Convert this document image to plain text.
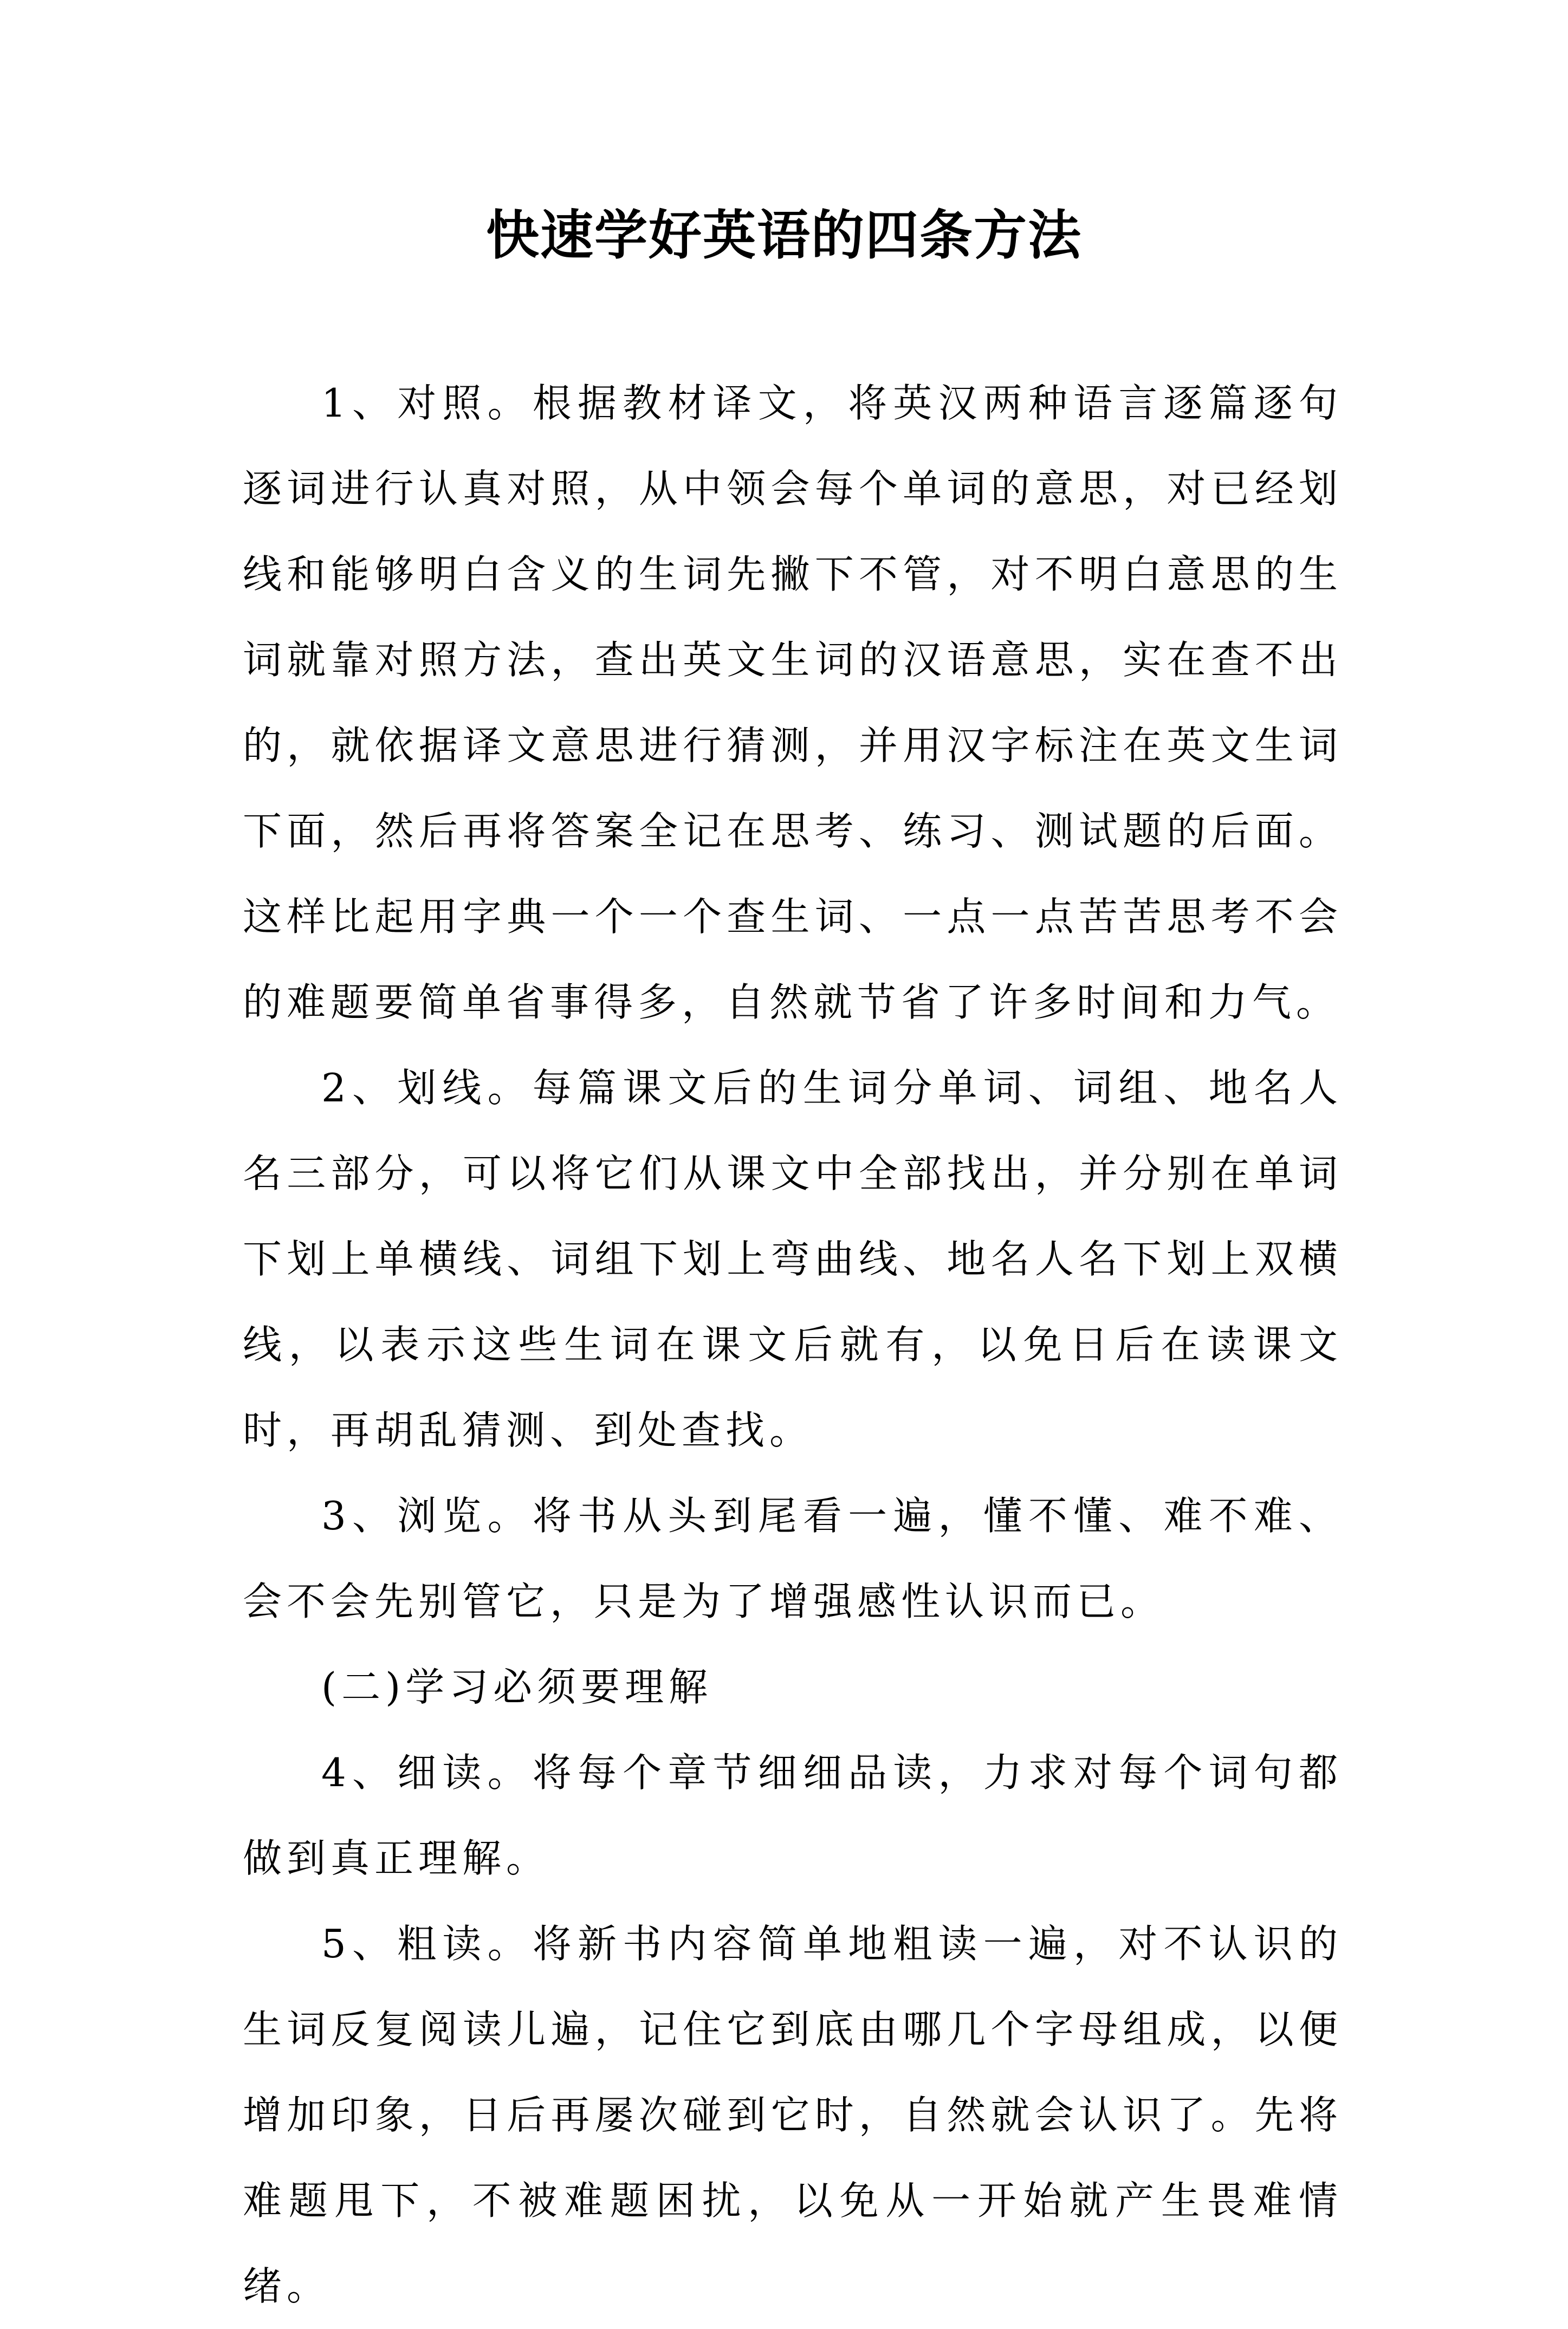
快速学好英语的四条方法

1、对照。根据教材译文，将英汉两种语言逐篇逐句逐词进行认真对照，从中领会每个单词的意思，对已经划线和能够明白含义的生词先撇下不管，对不明白意思的生词就靠对照方法，查出英文生词的汉语意思，实在查不出的，就依据译文意思进行猜测，并用汉字标注在英文生词下面，然后再将答案全记在思考、练习、测试题的后面。这样比起用字典一个一个查生词、一点一点苦苦思考不会的难题要简单省事得多，自然就节省了许多时间和力气。

2、划线。每篇课文后的生词分单词、词组、地名人名三部分，可以将它们从课文中全部找出，并分别在单词下划上单横线、词组下划上弯曲线、地名人名下划上双横线，以表示这些生词在课文后就有，以免日后在读课文时，再胡乱猜测、到处查找。

3、浏览。将书从头到尾看一遍，懂不懂、难不难、会不会先别管它，只是为了增强感性认识而已。

(二)学习必须要理解

4、细读。将每个章节细细品读，力求对每个词句都做到真正理解。

5、粗读。将新书内容简单地粗读一遍，对不认识的生词反复阅读儿遍，记住它到底由哪几个字母组成，以便增加印象，日后再屡次碰到它时，自然就会认识了。先将难题甩下，不被难题困扰，以免从一开始就产生畏难情绪。
